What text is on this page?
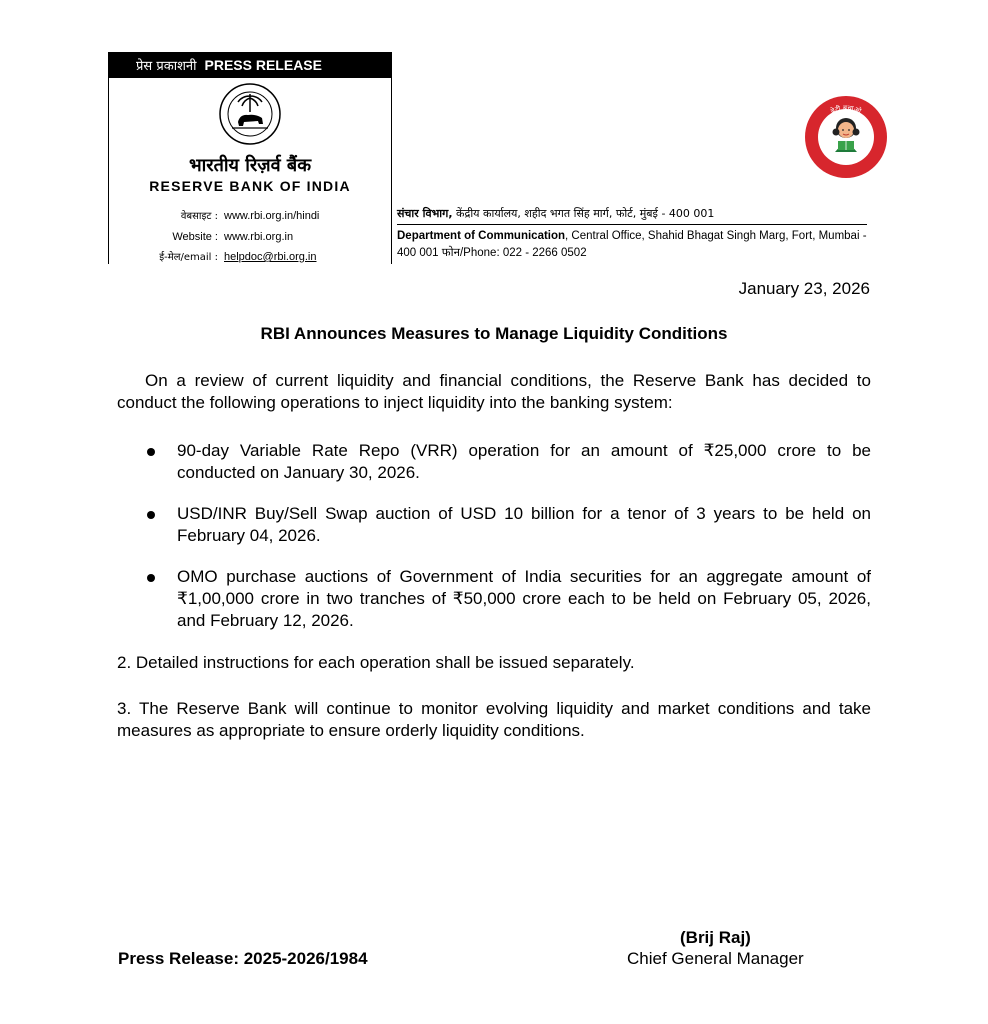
प्रेस प्रकाशनी PRESS RELEASE
भारतीय रिज़र्व बैंक
RESERVE BANK OF INDIA
वेबसाइट : www.rbi.org.in/hindi
Website : www.rbi.org.in
ई-मेल/email : helpdoc@rbi.org.in
संचार विभाग, केंद्रीय कार्यालय, शहीद भगत सिंह मार्ग, फोर्ट, मुंबई - 400 001
Department of Communication, Central Office, Shahid Bhagat Singh Marg, Fort, Mumbai - 400 001 फोन/Phone: 022 - 2266 0502
बेटी बचाओ
बेटी पढ़ाओ
January 23, 2026
RBI Announces Measures to Manage Liquidity Conditions
On a review of current liquidity and financial conditions, the Reserve Bank has decided to conduct the following operations to inject liquidity into the banking system:
90-day Variable Rate Repo (VRR) operation for an amount of ₹25,000 crore to be conducted on January 30, 2026.
USD/INR Buy/Sell Swap auction of USD 10 billion for a tenor of 3 years to be held on February 04, 2026.
OMO purchase auctions of Government of India securities for an aggregate amount of ₹1,00,000 crore in two tranches of ₹50,000 crore each to be held on February 05, 2026, and February 12, 2026.
2. Detailed instructions for each operation shall be issued separately.
3. The Reserve Bank will continue to monitor evolving liquidity and market conditions and take measures as appropriate to ensure orderly liquidity conditions.
(Brij Raj)
Chief General Manager
Press Release: 2025-2026/1984
